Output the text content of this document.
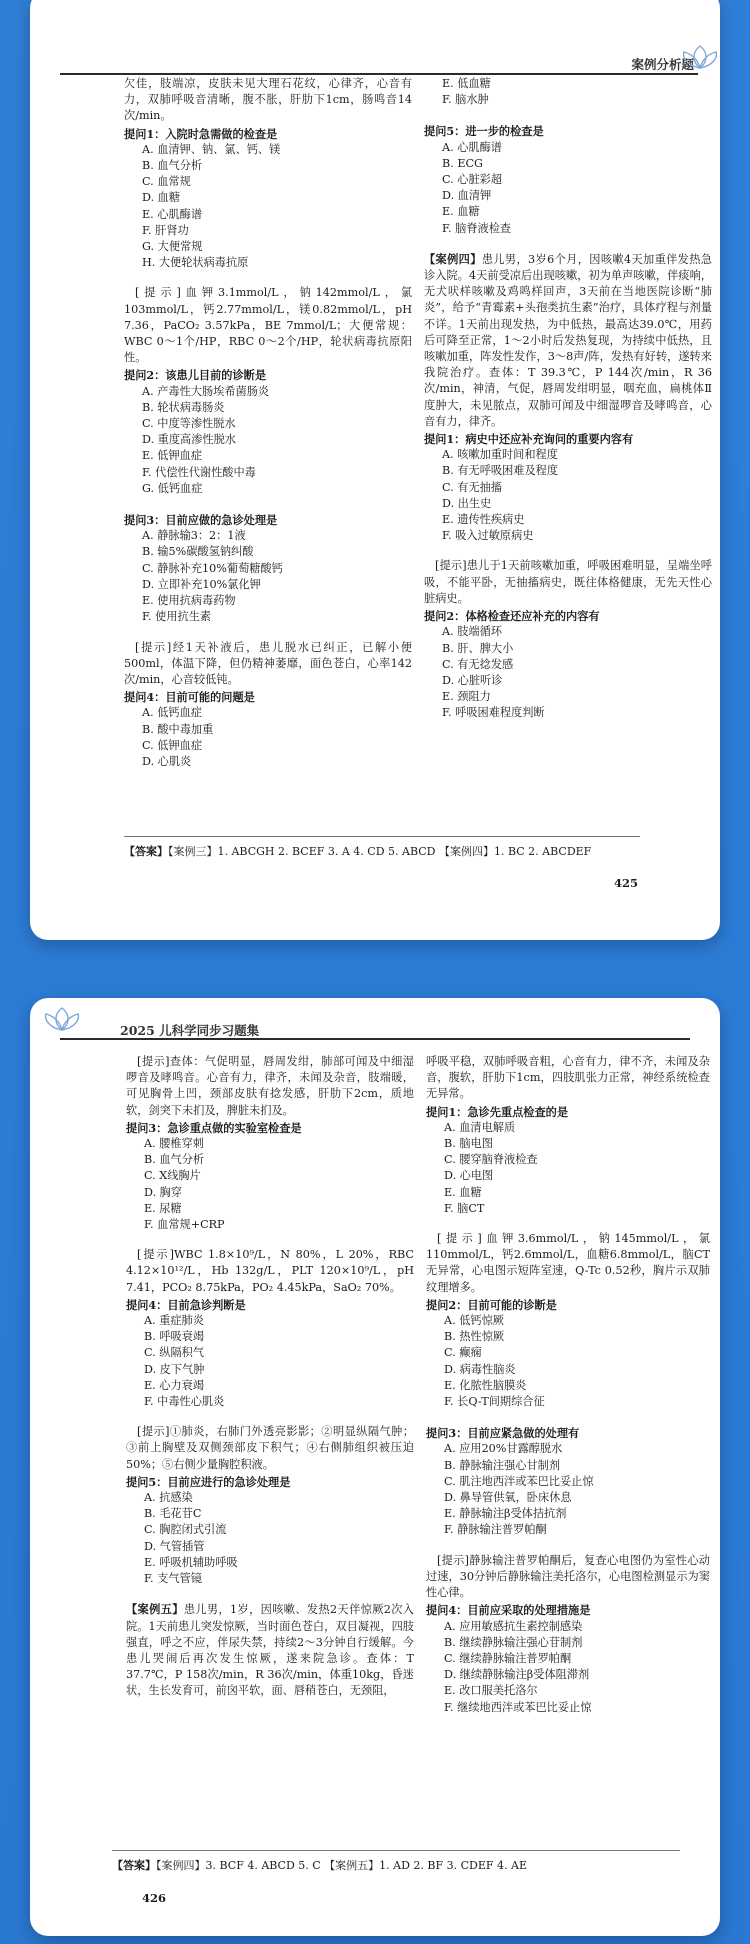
案例分析题

欠佳，肢端凉，皮肤未见大理石花纹，心律齐，心音有力，双肺呼吸音清晰，腹不胀，肝肋下1cm，肠鸣音14次/min。

提问1：入院时急需做的检查是

A. 血清钾、钠、氯、钙、镁

B. 血气分析

C. 血常规

D. 血糖

E. 心肌酶谱

F. 肝肾功

G. 大便常规

H. 大便轮状病毒抗原

[提示]血钾3.1mmol/L，钠142mmol/L，氯103mmol/L，钙2.77mmol/L，镁0.82mmol/L，pH 7.36，PaCO₂ 3.57kPa，BE 7mmol/L；大便常规：WBC 0～1个/HP，RBC 0～2个/HP，轮状病毒抗原阳性。

提问2：该患儿目前的诊断是

A. 产毒性大肠埃希菌肠炎

B. 轮状病毒肠炎

C. 中度等渗性脱水

D. 重度高渗性脱水

E. 低钾血症

F. 代偿性代谢性酸中毒

G. 低钙血症

提问3：目前应做的急诊处理是

A. 静脉输3：2：1液

B. 输5%碳酸氢钠纠酸

C. 静脉补充10%葡萄糖酸钙

D. 立即补充10%氯化钾

E. 使用抗病毒药物

F. 使用抗生素

[提示]经1天补液后，患儿脱水已纠正，已解小便500ml，体温下降，但仍精神萎靡，面色苍白，心率142次/min，心音较低钝。

提问4：目前可能的问题是

A. 低钙血症

B. 酸中毒加重

C. 低钾血症

D. 心肌炎

E. 低血糖

F. 脑水肿

提问5：进一步的检查是

A. 心肌酶谱

B. ECG

C. 心脏彩超

D. 血清钾

E. 血糖

F. 脑脊液检查

【案例四】患儿男，3岁6个月，因咳嗽4天加重伴发热急诊入院。4天前受凉后出现咳嗽，初为单声咳嗽，伴痰响，无犬吠样咳嗽及鸡鸣样回声，3天前在当地医院诊断“肺炎”，给予“青霉素+头孢类抗生素”治疗，具体疗程与剂量不详。1天前出现发热，为中低热，最高达39.0℃，用药后可降至正常，1～2小时后发热复现，为持续中低热，且咳嗽加重，阵发性发作，3～8声/阵，发热有好转，遂转来我院治疗。查体：T 39.3℃，P 144次/min，R 36次/min，神清，气促，唇周发绀明显，咽充血，扁桃体Ⅱ度肿大，未见脓点，双肺可闻及中细湿啰音及哮鸣音，心音有力，律齐。

提问1：病史中还应补充询问的重要内容有

A. 咳嗽加重时间和程度

B. 有无呼吸困难及程度

C. 有无抽搐

D. 出生史

E. 遗传性疾病史

F. 吸入过敏原病史

[提示]患儿于1天前咳嗽加重，呼吸困难明显，呈端坐呼吸，不能平卧，无抽搐病史，既往体格健康，无先天性心脏病史。

提问2：体格检查还应补充的内容有

A. 肢端循环

B. 肝、脾大小

C. 有无捻发感

D. 心脏听诊

E. 颈阻力

F. 呼吸困难程度判断

【答案】【案例三】1. ABCGH 2. BCEF 3. A 4. CD 5. ABCD 【案例四】1. BC 2. ABCDEF
425
2025 儿科学同步习题集

[提示]查体：气促明显，唇周发绀，肺部可闻及中细湿啰音及哮鸣音。心音有力，律齐，未闻及杂音，肢端暖，可见胸骨上凹，颈部皮肤有捻发感，肝肋下2cm，质地软，剑突下未扪及，脾脏未扪及。

提问3：急诊重点做的实验室检查是

A. 腰椎穿刺

B. 血气分析

C. X线胸片

D. 胸穿

E. 尿糖

F. 血常规+CRP

[提示]WBC 1.8×10⁹/L，N 80%，L 20%，RBC 4.12×10¹²/L，Hb 132g/L，PLT 120×10⁹/L，pH 7.41，PCO₂ 8.75kPa，PO₂ 4.45kPa，SaO₂ 70%。

提问4：目前急诊判断是

A. 重症肺炎

B. 呼吸衰竭

C. 纵隔积气

D. 皮下气肿

E. 心力衰竭

F. 中毒性心肌炎

[提示]①肺炎，右肺门外透亮影影；②明显纵隔气肿；③前上胸壁及双侧颈部皮下积气；④右侧肺组织被压迫50%；⑤右侧少量胸腔积液。

提问5：目前应进行的急诊处理是

A. 抗感染

B. 毛花苷C

C. 胸腔闭式引流

D. 气管插管

E. 呼吸机辅助呼吸

F. 支气管镜

【案例五】患儿男，1岁，因咳嗽、发热2天伴惊厥2次入院。1天前患儿突发惊厥，当时面色苍白，双目凝视，四肢强直，呼之不应，伴尿失禁，持续2～3分钟自行缓解。今患儿哭闹后再次发生惊厥，遂来院急诊。查体：T 37.7℃，P 158次/min，R 36次/min，体重10kg，昏迷状，生长发育可，前囟平软，面、唇稍苍白，无颈阻，

呼吸平稳，双肺呼吸音粗，心音有力，律不齐，未闻及杂音，腹软，肝肋下1cm，四肢肌张力正常，神经系统检查无异常。

提问1：急诊先重点检查的是

A. 血清电解质

B. 脑电图

C. 腰穿脑脊液检查

D. 心电图

E. 血糖

F. 脑CT

[提示]血钾3.6mmol/L，钠145mmol/L，氯110mmol/L，钙2.6mmol/L，血糖6.8mmol/L，脑CT无异常，心电图示短阵室速，Q-Tc 0.52秒，胸片示双肺纹理增多。

提问2：目前可能的诊断是

A. 低钙惊厥

B. 热性惊厥

C. 癫痫

D. 病毒性脑炎

E. 化脓性脑膜炎

F. 长Q-T间期综合征

提问3：目前应紧急做的处理有

A. 应用20%甘露醇脱水

B. 静脉输注强心甘制剂

C. 肌注地西泮或苯巴比妥止惊

D. 鼻导管供氧，卧床休息

E. 静脉输注β受体拮抗剂

F. 静脉输注普罗帕酮

[提示]静脉输注普罗帕酮后，复查心电图仍为室性心动过速，30分钟后静脉输注美托洛尔，心电图检测显示为窦性心律。

提问4：目前应采取的处理措施是

A. 应用敏感抗生素控制感染

B. 继续静脉输注强心苷制剂

C. 继续静脉输注普罗帕酮

D. 继续静脉输注β受体阻滞剂

E. 改口服美托洛尔

F. 继续地西泮或苯巴比妥止惊

【答案】【案例四】3. BCF 4. ABCD 5. C 【案例五】1. AD 2. BF 3. CDEF 4. AE
426
